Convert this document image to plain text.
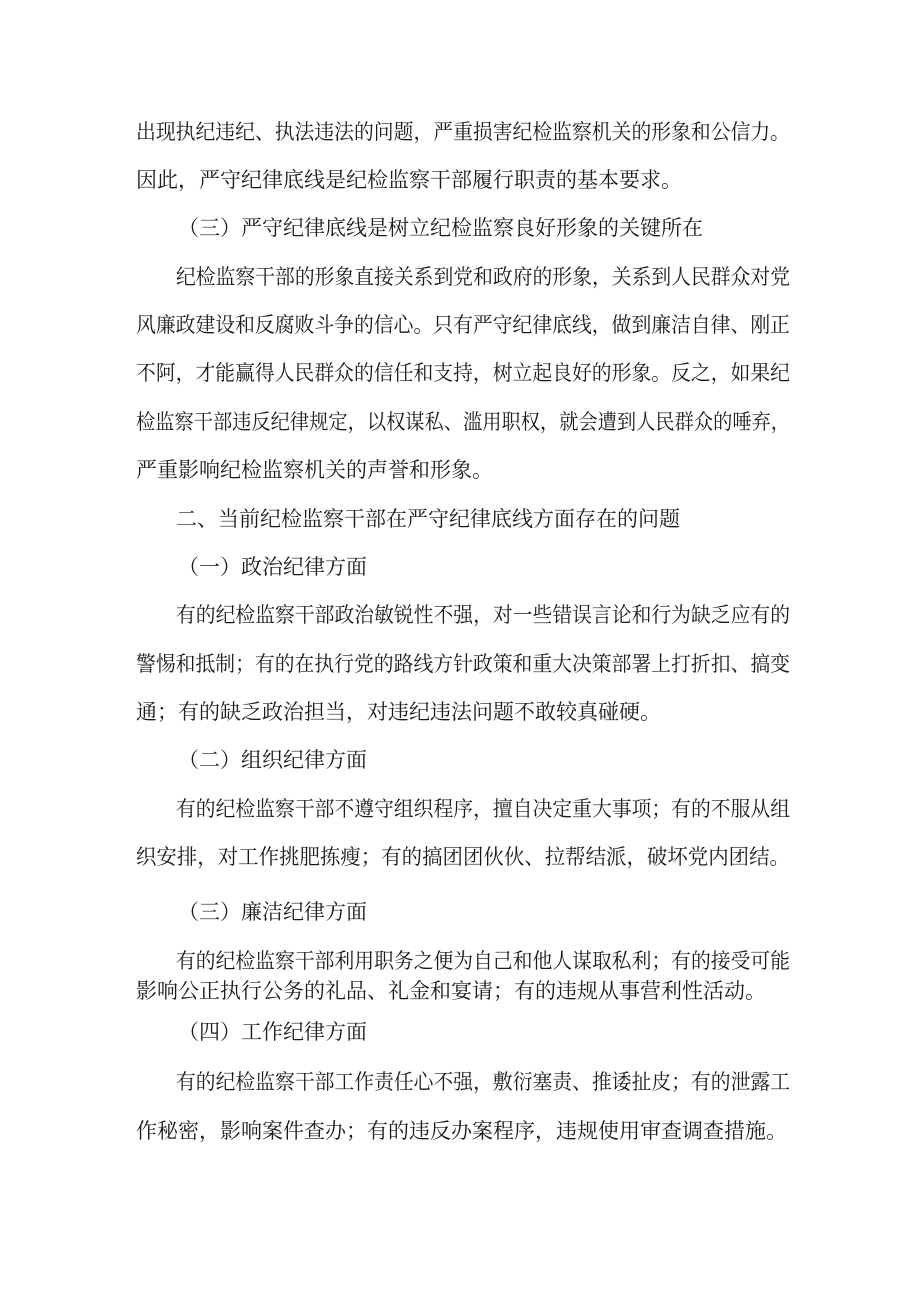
出现执纪违纪、执法违法的问题，严重损害纪检监察机关的形象和公信力。
因此，严守纪律底线是纪检监察干部履行职责的基本要求。
（三）严守纪律底线是树立纪检监察良好形象的关键所在
纪检监察干部的形象直接关系到党和政府的形象，关系到人民群众对党
风廉政建设和反腐败斗争的信心。只有严守纪律底线，做到廉洁自律、刚正
不阿，才能赢得人民群众的信任和支持，树立起良好的形象。反之，如果纪
检监察干部违反纪律规定，以权谋私、滥用职权，就会遭到人民群众的唾弃，
严重影响纪检监察机关的声誉和形象。
二、当前纪检监察干部在严守纪律底线方面存在的问题
（一）政治纪律方面
有的纪检监察干部政治敏锐性不强，对一些错误言论和行为缺乏应有的
警惕和抵制；有的在执行党的路线方针政策和重大决策部署上打折扣、搞变
通；有的缺乏政治担当，对违纪违法问题不敢较真碰硬。
（二）组织纪律方面
有的纪检监察干部不遵守组织程序，擅自决定重大事项；有的不服从组
织安排，对工作挑肥拣瘦；有的搞团团伙伙、拉帮结派，破坏党内团结。
（三）廉洁纪律方面
有的纪检监察干部利用职务之便为自己和他人谋取私利；有的接受可能
影响公正执行公务的礼品、礼金和宴请；有的违规从事营利性活动。
（四）工作纪律方面
有的纪检监察干部工作责任心不强，敷衍塞责、推诿扯皮；有的泄露工
作秘密，影响案件查办；有的违反办案程序，违规使用审查调查措施。
